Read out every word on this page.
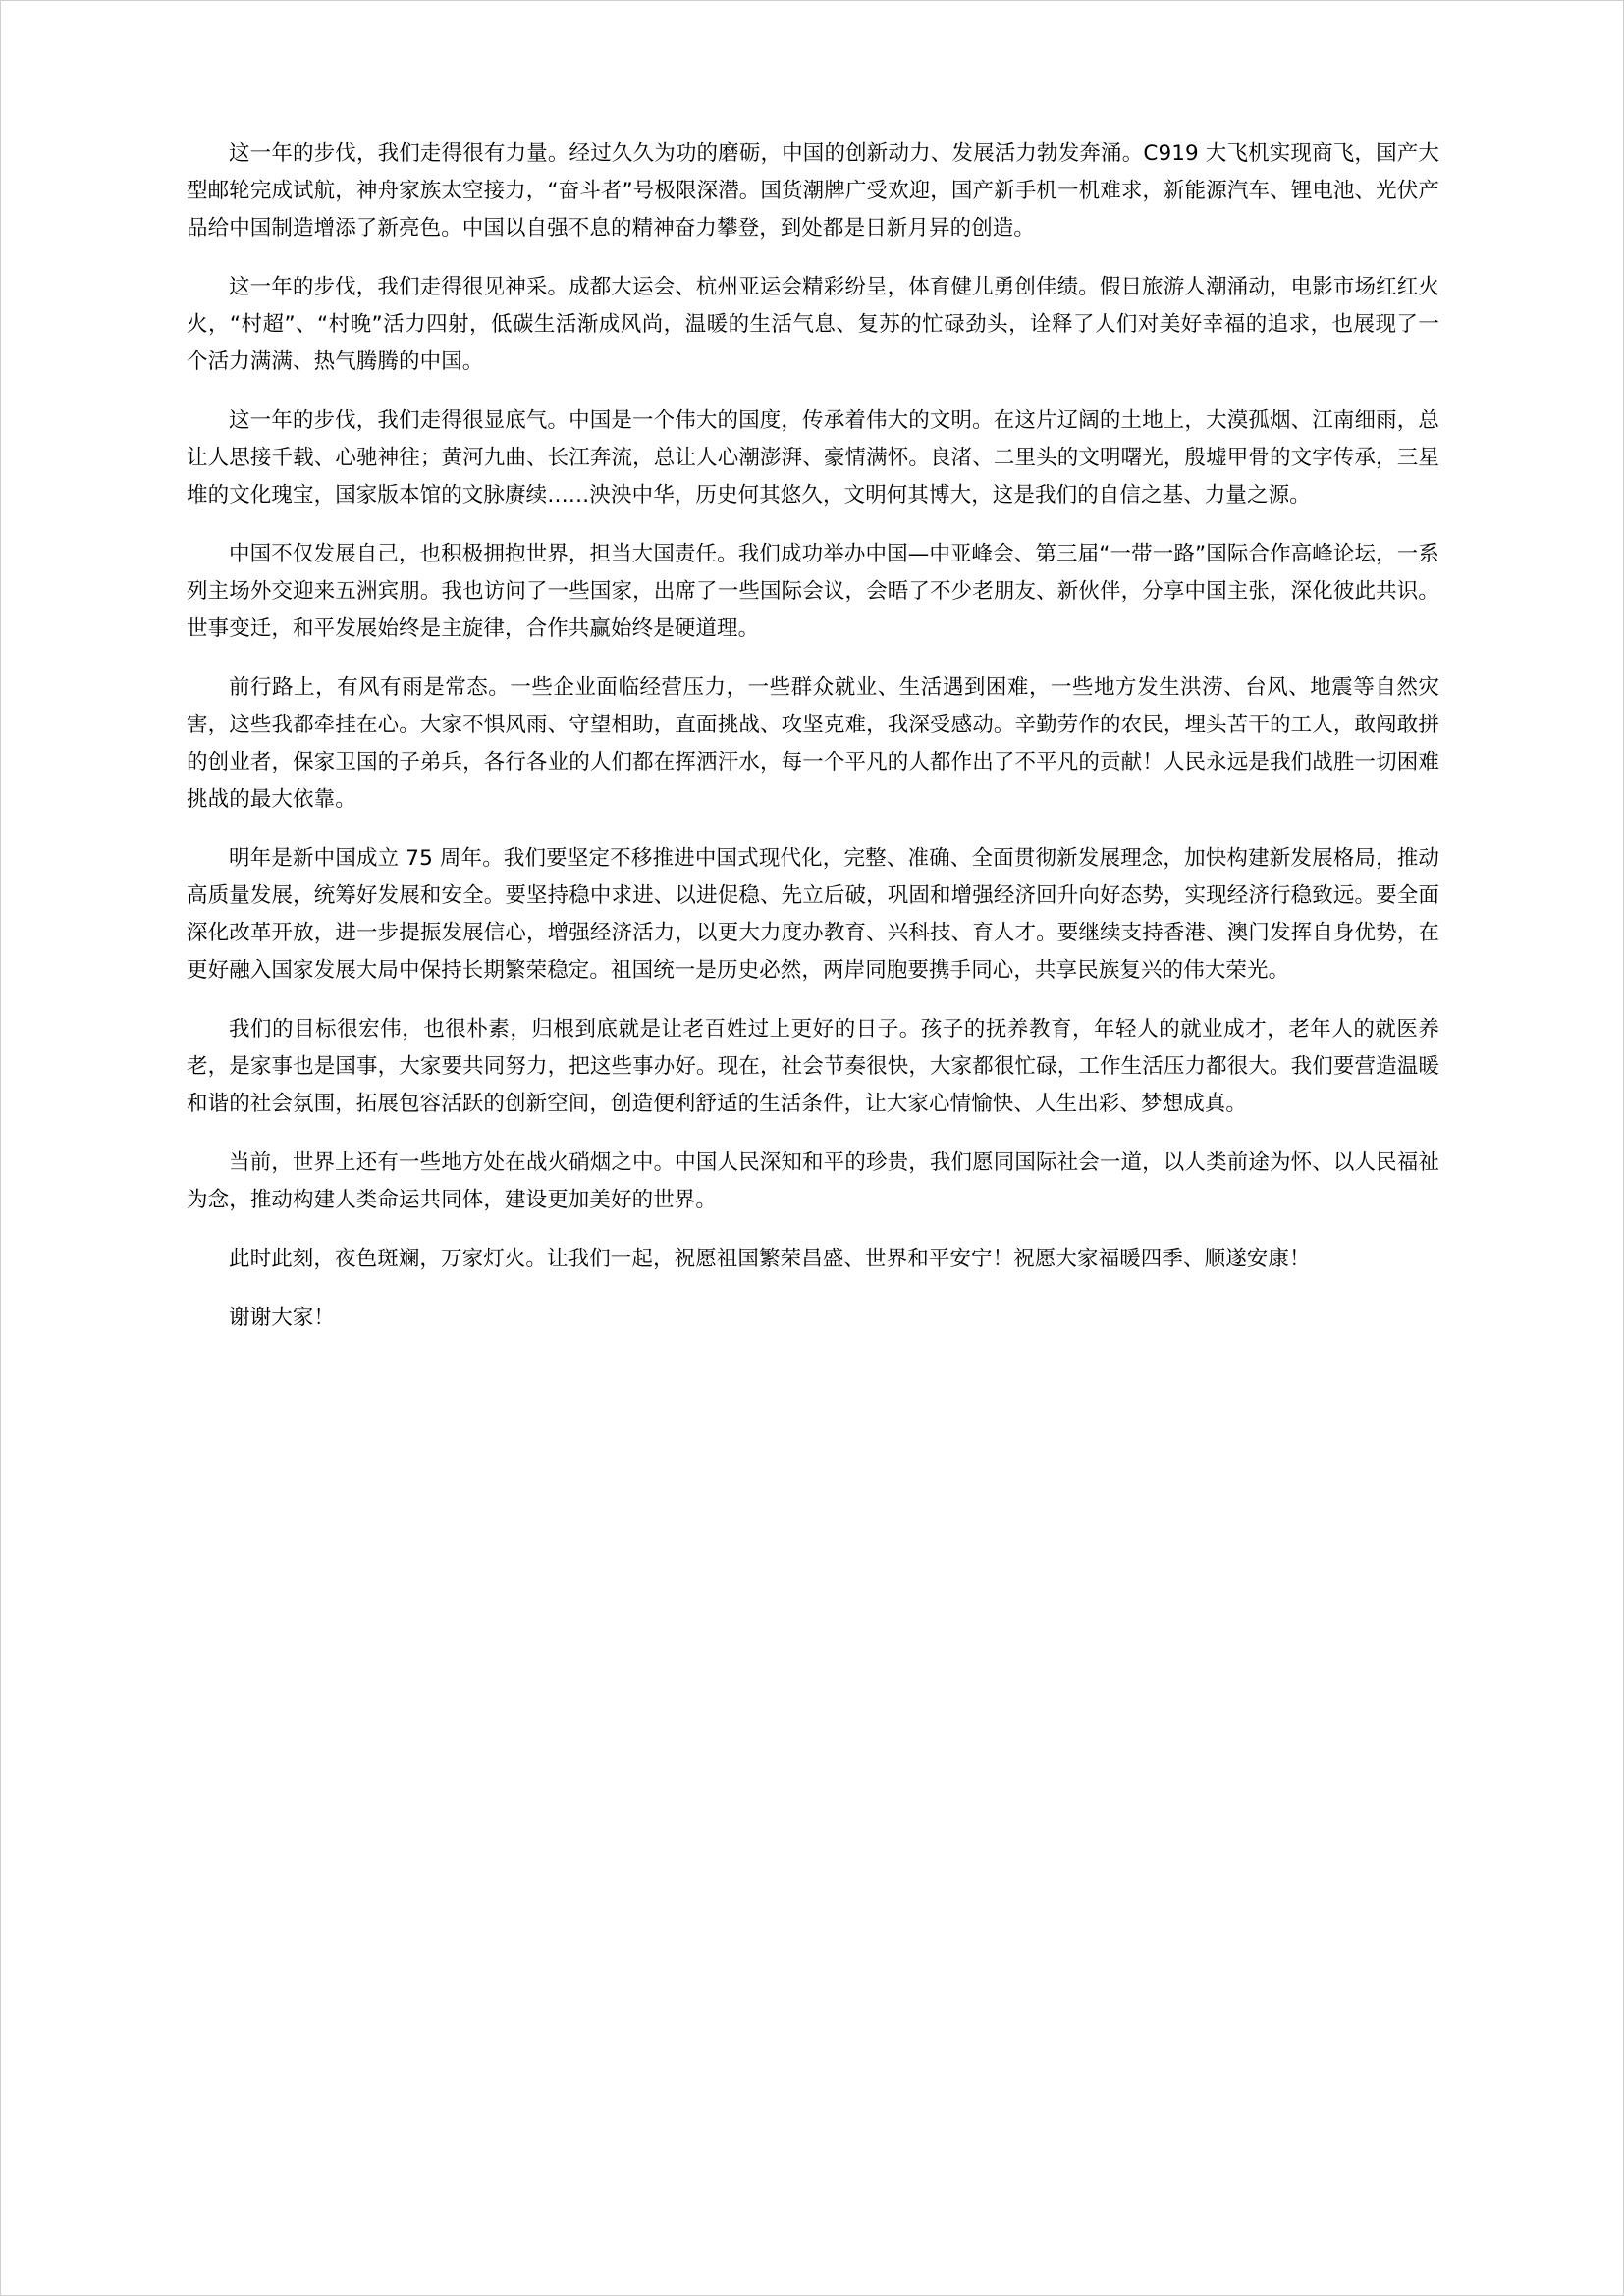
这一年的步伐，我们走得很有力量。经过久久为功的磨砺，中国的创新动力、发展活力勃发奔涌。C919 大飞机实现商飞，国产大型邮轮完成试航，神舟家族太空接力，“奋斗者”号极限深潜。国货潮牌广受欢迎，国产新手机一机难求，新能源汽车、锂电池、光伏产品给中国制造增添了新亮色。中国以自强不息的精神奋力攀登，到处都是日新月异的创造。

这一年的步伐，我们走得很见神采。成都大运会、杭州亚运会精彩纷呈，体育健儿勇创佳绩。假日旅游人潮涌动，电影市场红红火火，“村超”、“村晚”活力四射，低碳生活渐成风尚，温暖的生活气息、复苏的忙碌劲头，诠释了人们对美好幸福的追求，也展现了一个活力满满、热气腾腾的中国。

这一年的步伐，我们走得很显底气。中国是一个伟大的国度，传承着伟大的文明。在这片辽阔的土地上，大漠孤烟、江南细雨，总让人思接千载、心驰神往；黄河九曲、长江奔流，总让人心潮澎湃、豪情满怀。良渚、二里头的文明曙光，殷墟甲骨的文字传承，三星堆的文化瑰宝，国家版本馆的文脉赓续……泱泱中华，历史何其悠久，文明何其博大，这是我们的自信之基、力量之源。

中国不仅发展自己，也积极拥抱世界，担当大国责任。我们成功举办中国—中亚峰会、第三届“一带一路”国际合作高峰论坛，一系列主场外交迎来五洲宾朋。我也访问了一些国家，出席了一些国际会议，会晤了不少老朋友、新伙伴，分享中国主张，深化彼此共识。世事变迁，和平发展始终是主旋律，合作共赢始终是硬道理。

前行路上，有风有雨是常态。一些企业面临经营压力，一些群众就业、生活遇到困难，一些地方发生洪涝、台风、地震等自然灾害，这些我都牵挂在心。大家不惧风雨、守望相助，直面挑战、攻坚克难，我深受感动。辛勤劳作的农民，埋头苦干的工人，敢闯敢拼的创业者，保家卫国的子弟兵，各行各业的人们都在挥洒汗水，每一个平凡的人都作出了不平凡的贡献！人民永远是我们战胜一切困难挑战的最大依靠。

明年是新中国成立 75 周年。我们要坚定不移推进中国式现代化，完整、准确、全面贯彻新发展理念，加快构建新发展格局，推动高质量发展，统筹好发展和安全。要坚持稳中求进、以进促稳、先立后破，巩固和增强经济回升向好态势，实现经济行稳致远。要全面深化改革开放，进一步提振发展信心，增强经济活力，以更大力度办教育、兴科技、育人才。要继续支持香港、澳门发挥自身优势，在更好融入国家发展大局中保持长期繁荣稳定。祖国统一是历史必然，两岸同胞要携手同心，共享民族复兴的伟大荣光。

我们的目标很宏伟，也很朴素，归根到底就是让老百姓过上更好的日子。孩子的抚养教育，年轻人的就业成才，老年人的就医养老，是家事也是国事，大家要共同努力，把这些事办好。现在，社会节奏很快，大家都很忙碌，工作生活压力都很大。我们要营造温暖和谐的社会氛围，拓展包容活跃的创新空间，创造便利舒适的生活条件，让大家心情愉快、人生出彩、梦想成真。

当前，世界上还有一些地方处在战火硝烟之中。中国人民深知和平的珍贵，我们愿同国际社会一道，以人类前途为怀、以人民福祉为念，推动构建人类命运共同体，建设更加美好的世界。

此时此刻，夜色斑斓，万家灯火。让我们一起，祝愿祖国繁荣昌盛、世界和平安宁！祝愿大家福暖四季、顺遂安康！

谢谢大家！
